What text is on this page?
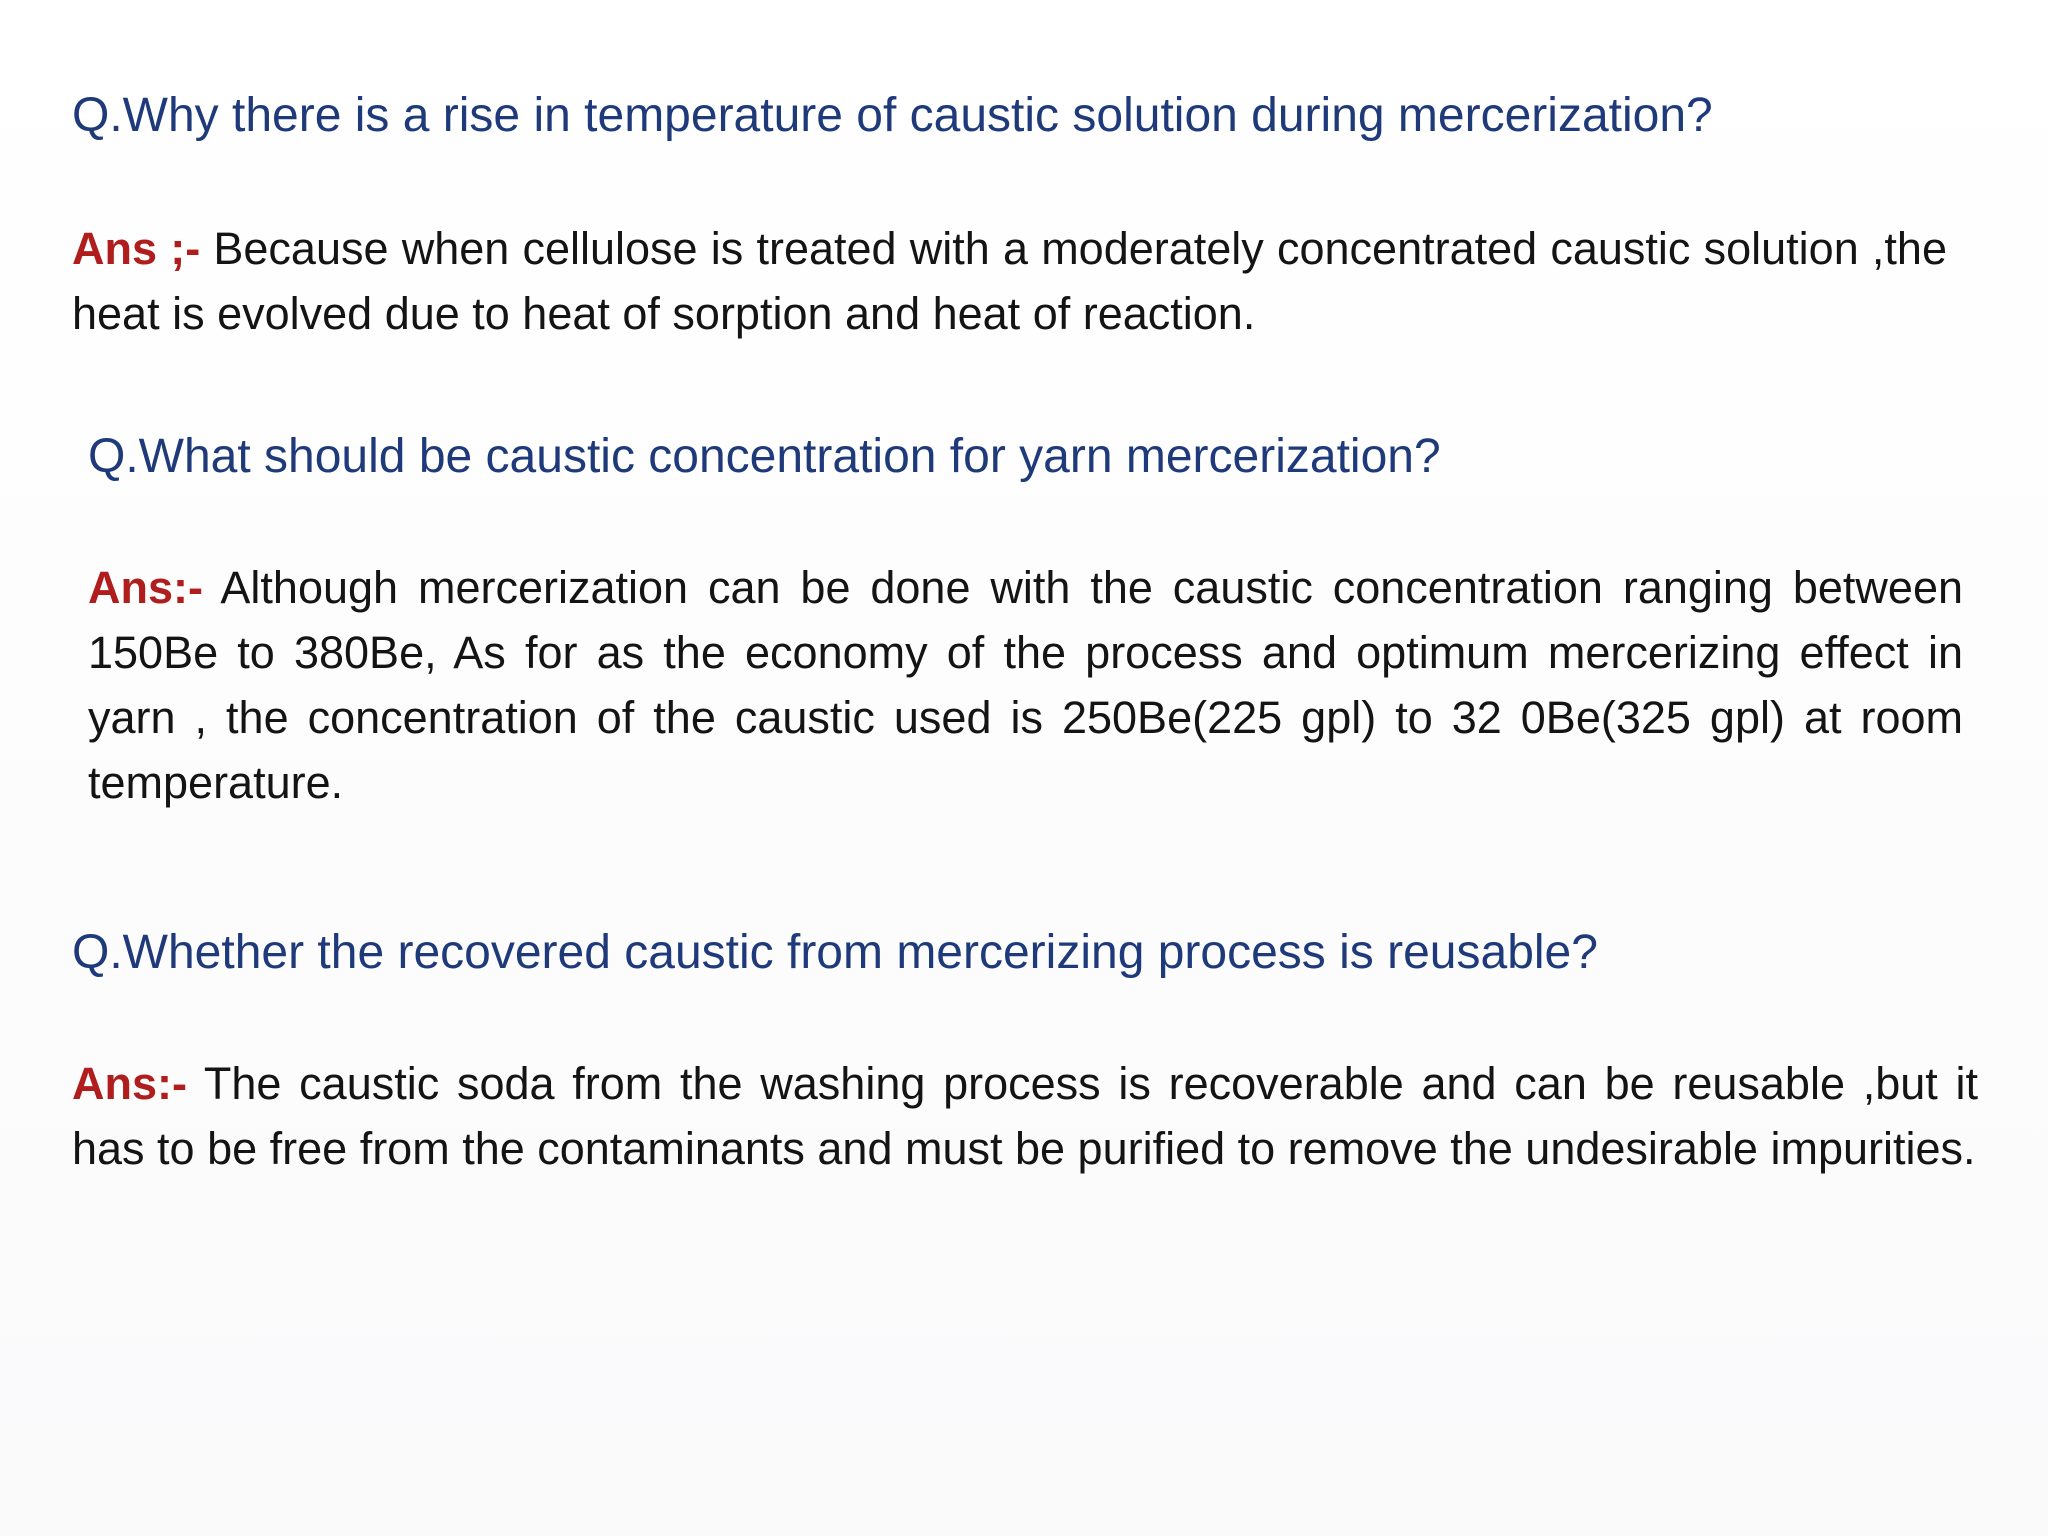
Q.Why there is a rise in temperature of caustic solution during mercerization?

Ans ;- Because when cellulose is treated with a moderately concentrated caustic solution ,the heat is evolved due to heat of sorption and heat of reaction.

Q.What should be caustic concentration for yarn mercerization?

Ans:- Although mercerization can be done with the caustic concentration ranging between 150Be to 380Be, As for as the economy of the process and optimum mercerizing effect in yarn , the concentration of the caustic used is 250Be(225 gpl) to 32 0Be(325 gpl) at room temperature.

Q.Whether the recovered caustic from mercerizing process is reusable?

Ans:- The caustic soda from the washing process is recoverable and can be reusable ,but it has to be free from the contaminants and must be purified to remove the undesirable impurities.
